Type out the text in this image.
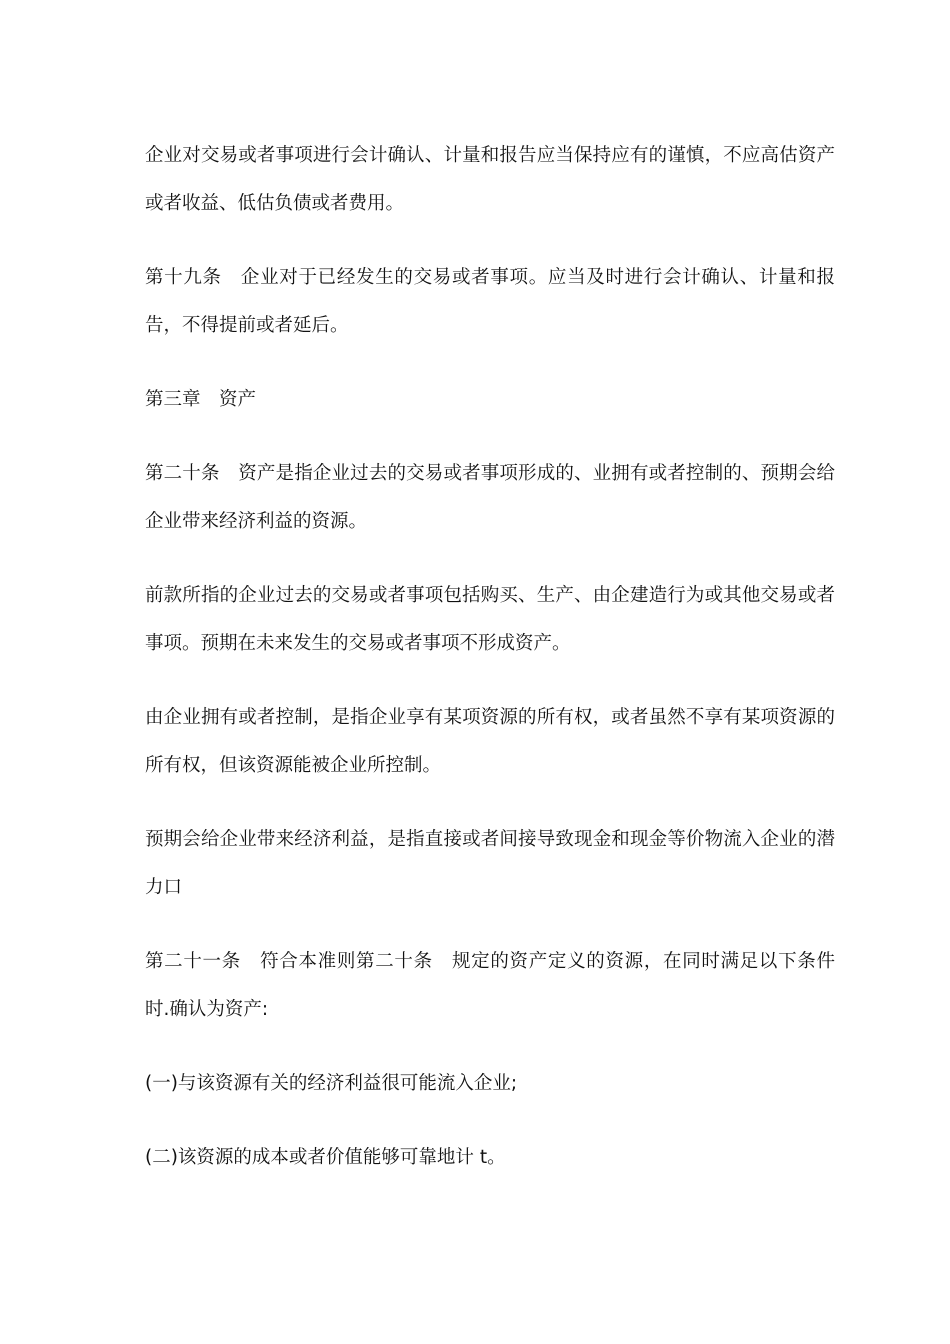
企业对交易或者事项进行会计确认、计量和报告应当保持应有的谨慎，不应高估资产或者收益、低估负债或者费用。

第十九条　企业对于已经发生的交易或者事项。应当及时进行会计确认、计量和报告，不得提前或者延后。

第三章　资产

第二十条　资产是指企业过去的交易或者事项形成的、业拥有或者控制的、预期会给企业带来经济利益的资源。

前款所指的企业过去的交易或者事项包括购买、生产、由企建造行为或其他交易或者事项。预期在未来发生的交易或者事项不形成资产。

由企业拥有或者控制，是指企业享有某项资源的所有权，或者虽然不享有某项资源的所有权，但该资源能被企业所控制。

预期会给企业带来经济利益，是指直接或者间接导致现金和现金等价物流入企业的潜力口

第二十一条　符合本准则第二十条　规定的资产定义的资源，在同时满足以下条件时.确认为资产:

(一)与该资源有关的经济利益很可能流入企业;

(二)该资源的成本或者价值能够可靠地计 t。
